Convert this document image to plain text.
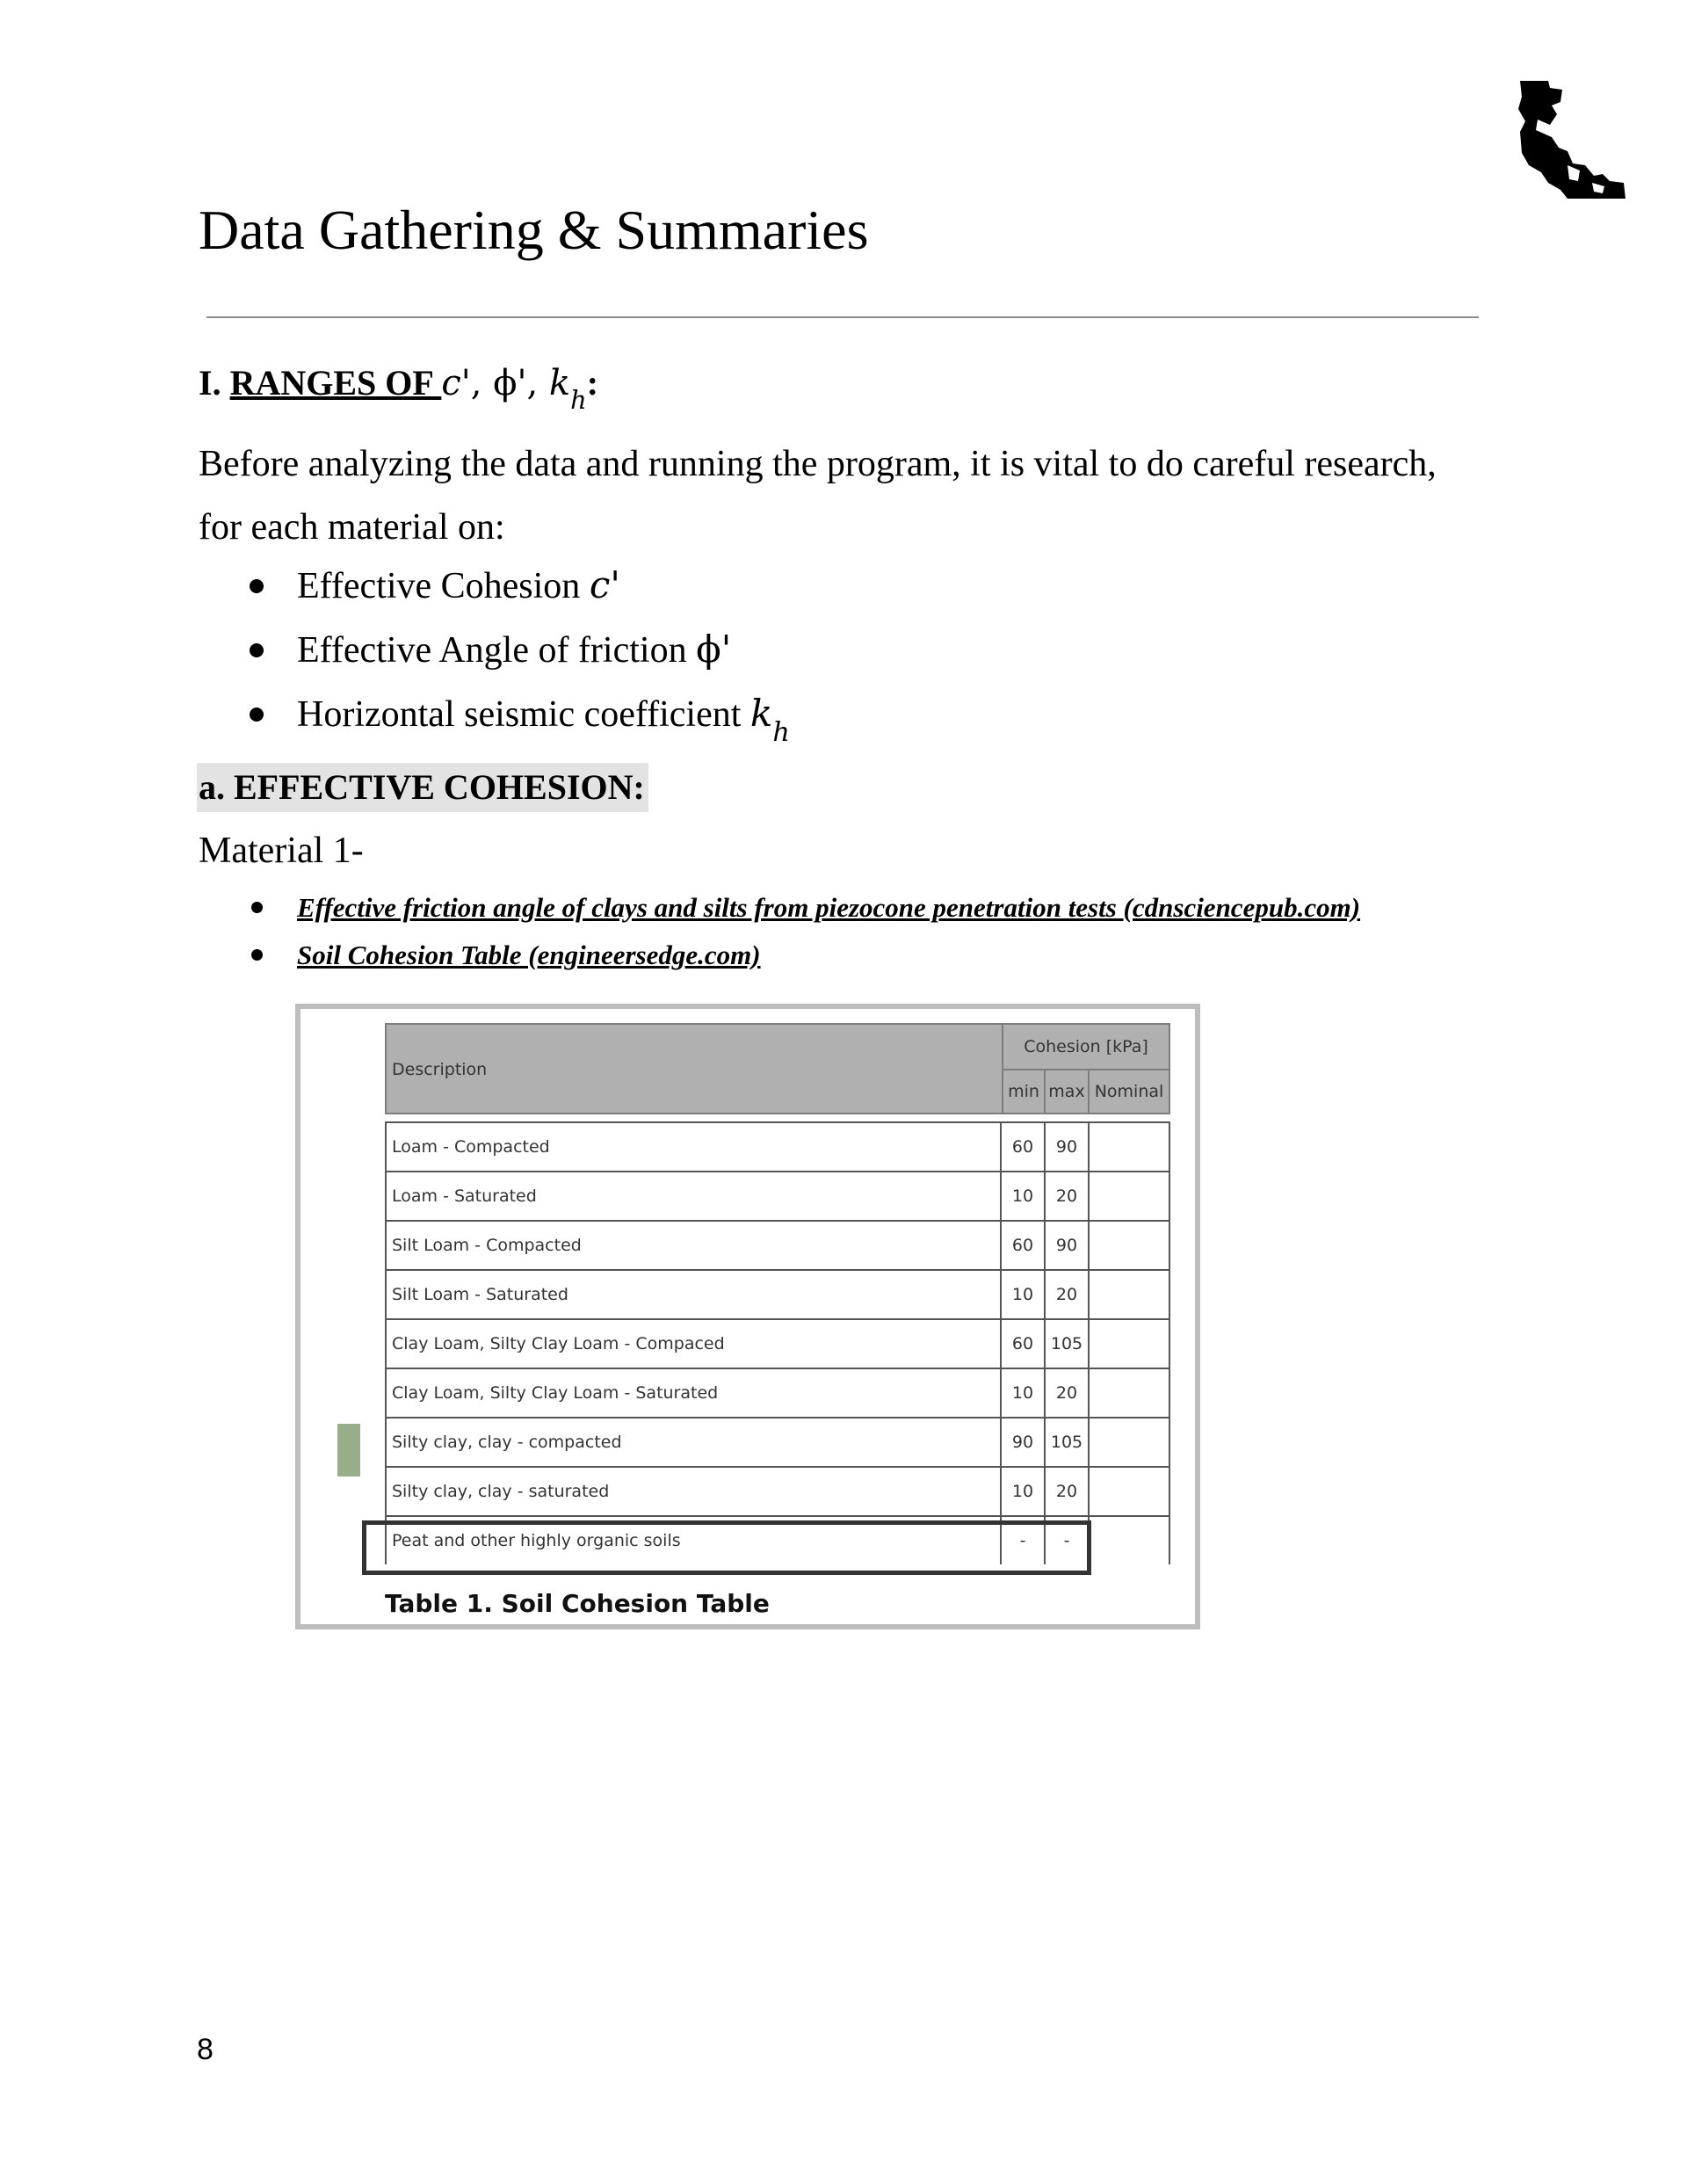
Data Gathering & Summaries
I. RANGES OF c', ϕ', $k_h$:

Before analyzing the data and running the program, it is vital to do careful research, for each material on:

Effective Cohesion c'
Effective Angle of friction ϕ'
Horizontal seismic coefficient $k_h$
a. EFFECTIVE COHESION:
Material 1-
Effective friction angle of clays and silts from piezocone penetration tests (cdnsciencepub.com)
Soil Cohesion Table (engineersedge.com)
Description
Cohesion [kPa]
min max Nominal
Loam - Compacted	60	90
Loam - Saturated	10	20
Silt Loam - Compacted	60	90
Silt Loam - Saturated	10	20
Clay Loam, Silty Clay Loam - Compaced	60	105
Clay Loam, Silty Clay Loam - Saturated	10	20
Silty clay, clay - compacted	90	105
Silty clay, clay - saturated	10	20
Peat and other highly organic soils	-	-
Table 1. Soil Cohesion Table
8
